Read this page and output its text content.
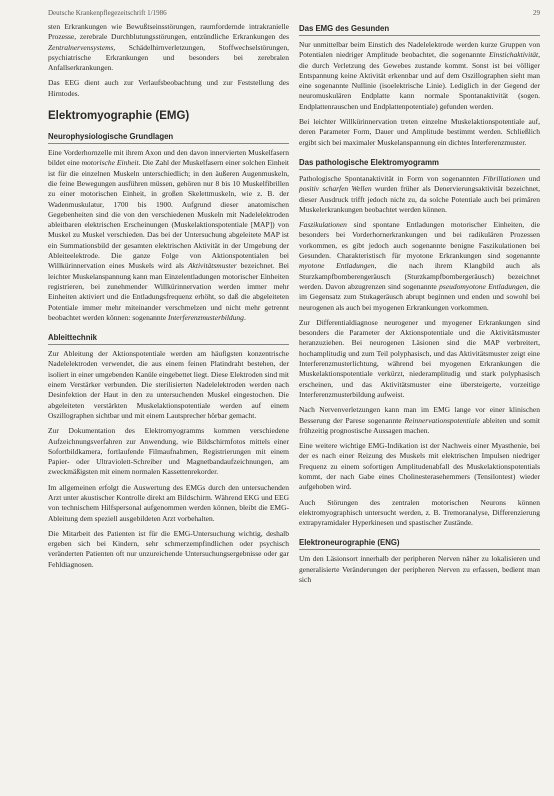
Deutsche Krankenpflegezeitschrift 1/1986	29

sten Erkrankungen wie Bewußtseinsstörungen, raumfordernde intrakranielle Prozesse, zerebrale Durchblutungsstörungen, entzündliche Erkrankungen des Zentralnervensystems, Schädelhirnverletzungen, Stoffwechselstörungen, psychiatrische Erkrankungen und besonders bei zerebralen Anfallserkrankungen.

Das EEG dient auch zur Verlaufsbeobachtung und zur Feststellung des Hirntodes.

Elektromyographie (EMG)
Neurophysiologische Grundlagen

Eine Vorderhornzelle mit ihrem Axon und den davon innervierten Muskelfasern bildet eine motorische Einheit. Die Zahl der Muskelfasern einer solchen Einheit ist für die einzelnen Muskeln unterschiedlich; in den äußeren Augenmuskeln, die feine Bewegungen ausführen müssen, gehören nur 8 bis 10 Muskelfibrillen zu einer motorischen Einheit, in großen Skelettmuskeln, wie z. B. der Wadenmuskulatur, 1700 bis 1900. Aufgrund dieser anatomischen Gegebenheiten sind die von den verschiedenen Muskeln mit Nadelelektroden ableitbaren elektrischen Erscheinungen (Muskelaktionspotentiale [MAP]) von Muskel zu Muskel verschieden. Das bei der Untersuchung abgeleitete MAP ist ein Summationsbild der gesamten elektrischen Aktivität in der Umgebung der Ableiteelektrode. Die ganze Folge von Aktionspotentialen bei Willkürinnervation eines Muskels wird als Aktivitätsmuster bezeichnet. Bei leichter Muskelanspannung kann man Einzelentladungen motorischer Einheiten registrieren, bei zunehmender Willkürinnervation werden immer mehr Einheiten aktiviert und die Entladungsfrequenz erhöht, so daß die abgeleiteten Potentiale immer mehr miteinander verschmelzen und nicht mehr getrennt beobachtet werden können: sogenannte Interferenzmusterbildung.

Ableittechnik

Zur Ableitung der Aktionspotentiale werden am häufigsten konzentrische Nadelelektroden verwendet, die aus einem feinen Platindraht bestehen, der isoliert in einer umgebenden Kanüle eingebettet liegt. Diese Elektroden sind mit einem Verstärker verbunden. Die sterilisierten Nadelelektroden werden nach Desinfektion der Haut in den zu untersuchenden Muskel eingestochen. Die abgeleiteten verstärkten Muskelaktionspotentiale werden auf einem Oszillographen sichtbar und mit einem Lautsprecher hörbar gemacht.

Zur Dokumentation des Elektromyogramms kommen verschiedene Aufzeichnungsverfahren zur Anwendung, wie Bildschirmfotos mittels einer Sofortbildkamera, fortlaufende Filmaufnahmen, Registrierungen mit einem Papier- oder Ultraviolett-Schreiber und Magnetbandaufzeichnungen, am zweckmäßigsten mit einem normalen Kassettenrekorder.

Im allgemeinen erfolgt die Auswertung des EMGs durch den untersuchenden Arzt unter akustischer Kontrolle direkt am Bildschirm. Während EKG und EEG von technischem Hilfspersonal aufgenommen werden können, bleibt die EMG-Ableitung dem speziell ausgebildeten Arzt vorbehalten.

Die Mitarbeit des Patienten ist für die EMG-Untersuchung wichtig, deshalb ergeben sich bei Kindern, sehr schmerzempfindlichen oder psychisch veränderten Patienten oft nur unzureichende Untersuchungsergebnisse oder gar Fehldiagnosen.

Das EMG des Gesunden

Nur unmittelbar beim Einstich des Nadelelektrode werden kurze Gruppen von Potentialen niedriger Amplitude beobachtet, die sogenannte Einstichaktivität, die durch Verletzung des Gewebes zustande kommt. Sonst ist bei völliger Entspannung keine Aktivität erkennbar und auf dem Oszillographen sieht man eine sogenannte Nullinie (isoelektrische Linie). Lediglich in der Gegend der neuromuskulären Endplatte kann normale Spontanaktivität (sogen. Endplattenrauschen und Endplattenpotentiale) gefunden werden.

Bei leichter Willkürinnervation treten einzelne Muskelaktionspotentiale auf, deren Parameter Form, Dauer und Amplitude bestimmt werden. Schließlich ergibt sich bei maximaler Muskelanspannung ein dichtes Interferenzmuster.

Das pathologische Elektromyogramm

Pathologische Spontanaktivität in Form von sogenannten Fibrillationen und positiv scharfen Wellen wurden früher als Denervierungsaktivität bezeichnet, dieser Ausdruck trifft jedoch nicht zu, da solche Potentiale auch bei primären Muskelerkrankungen beobachtet werden können.

Faszikulationen sind spontane Entladungen motorischer Einheiten, die besonders bei Vorderhornerkrankungen und bei radikulären Prozessen vorkommen, es gibt jedoch auch sogenannte benigne Faszikulationen bei Gesunden. Charakteristisch für myotone Erkrankungen sind sogenannte myotone Entladungen, die nach ihrem Klangbild auch als Sturzkampfbomberengeräusch (Sturzkampfbombergeräusch) bezeichnet werden. Davon abzugrenzen sind sogenannte pseudomyotone Entladungen, die im Gegensatz zum Stukageräusch abrupt beginnen und enden und sowohl bei neurogenen als auch bei myogenen Erkrankungen vorkommen.

Zur Differentialdiagnose neurogener und myogener Erkrankungen sind besonders die Parameter der Aktionspotentiale und die Aktivitätsmuster heranzuziehen. Bei neurogenen Läsionen sind die MAP verbreitert, hochamplitudig und zum Teil polyphasisch, und das Aktivitätsmuster zeigt eine Interferenzmusterlichtung, während bei myogenen Erkrankungen die Muskelaktionspotentiale verkürzt, niederamplitudig und stark polyphasisch erscheinen, und das Aktivitätsmuster eine übersteigerte, vorzeitige Interferenzmusterbildung aufweist.

Nach Nervenverletzungen kann man im EMG lange vor einer klinischen Besserung der Parese sogenannte Reinnervationspotentiale ableiten und somit frühzeitig prognostische Aussagen machen.

Eine weitere wichtige EMG-Indikation ist der Nachweis einer Myasthenie, bei der es nach einer Reizung des Muskels mit elektrischen Impulsen niedriger Frequenz zu einem sofortigen Amplitudenabfall des Muskelaktionspotentials kommt, der nach Gabe eines Cholinesterasehemmers (Tensilontest) wieder aufgehoben wird.

Auch Störungen des zentralen motorischen Neurons können elektromyographisch untersucht werden, z. B. Tremoranalyse, Differenzierung extrapyramidaler Hyperkinesen und spastischer Zustände.

Elektroneurographie (ENG)

Um den Läsionsort innerhalb der peripheren Nerven näher zu lokalisieren und generalisierte Veränderungen der peripheren Nerven zu erfassen, bedient man sich
